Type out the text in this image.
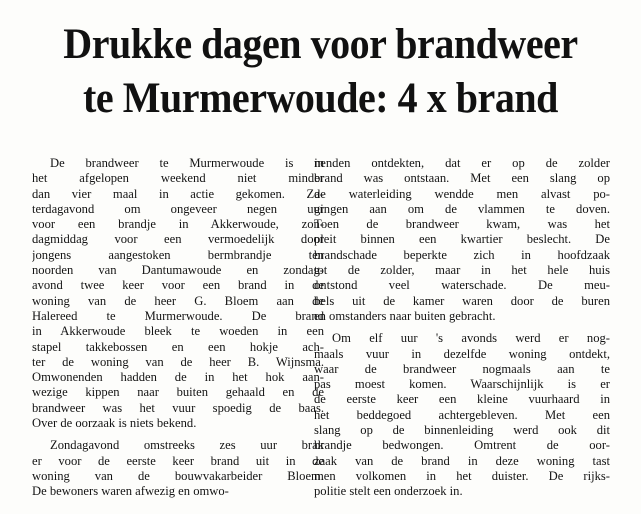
Drukke dagen voor brandweer
te Murmerwoude: 4 x brand
De brandweer te Murmerwoude is in
het afgelopen weekend niet minder
dan vier maal in actie gekomen. Za-
terdagavond om ongeveer negen uur
voor een brandje in Akkerwoude, zon-
dagmiddag voor een vermoedelijk door
jongens aangestoken bermbrandje ten
noorden van Dantumawoude en zondag-
avond twee keer voor een brand in de
woning van de heer G. Bloem aan de
Halereed te Murmerwoude. De brand
in Akkerwoude bleek te woeden in een
stapel takkebossen en een hokje ach-
ter de woning van de heer B. Wijnsma.
Omwonenden hadden de in het hok aan-
wezige kippen naar buiten gehaald en de
brandweer was het vuur spoedig de baas.
Over de oorzaak is niets bekend.
Zondagavond omstreeks zes uur brak
er voor de eerste keer brand uit in de
woning van de bouwvakarbeider Bloem.
De bewoners waren afwezig en omwo-
nenden ontdekten, dat er op de zolder
brand was ontstaan. Met een slang op
de waterleiding wendde men alvast po-
gingen aan om de vlammen te doven.
Toen de brandweer kwam, was het
pleit binnen een kwartier beslecht. De
brandschade beperkte zich in hoofdzaak
tot de zolder, maar in het hele huis
ontstond veel waterschade. De meu-
bels uit de kamer waren door de buren
en omstanders naar buiten gebracht.
Om elf uur 's avonds werd er nog-
maals vuur in dezelfde woning ontdekt,
waar de brandweer nogmaals aan te
pas moest komen. Waarschijnlijk is er
de eerste keer een kleine vuurhaard in
het beddegoed achtergebleven. Met een
slang op de binnenleiding werd ook dit
brandje bedwongen. Omtrent de oor-
zaak van de brand in deze woning tast
men volkomen in het duister. De rijks-
politie stelt een onderzoek in.
